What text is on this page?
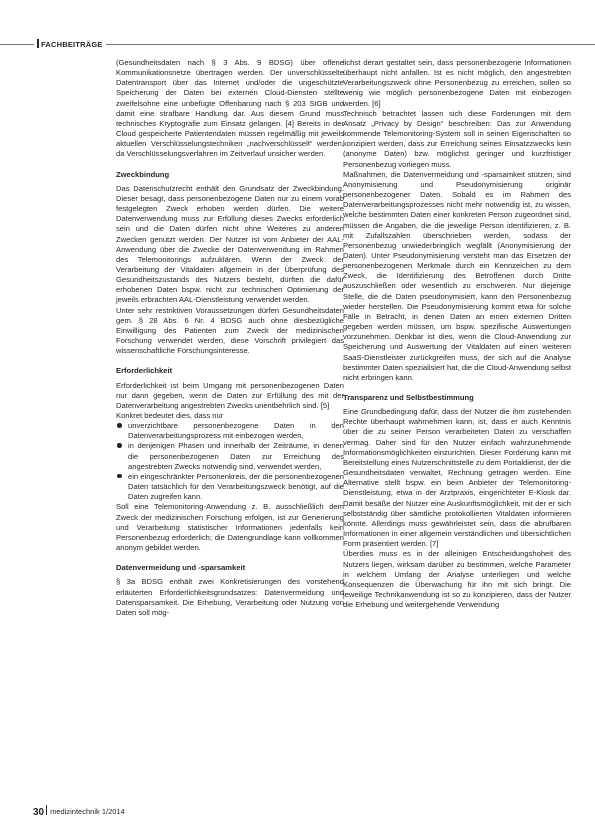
FACHBEITRÄGE

(Gesundheitsdaten nach § 3 Abs. 9 BDSG) über offene Kommunikationsnetze übertragen werden. Der unverschlüsselte Datentransport über das Internet und/oder die ungeschützte Speicherung der Daten bei externen Cloud-Diensten stellte zweifelsohne eine unbefugte Offenbarung nach § 203 StGB und damit eine strafbare Handlung dar. Aus diesem Grund muss technisches Kryptografie zum Einsatz gelangen. [4] Bereits in der Cloud gespeicherte Patientendaten müssen regelmäßig mit jeweils aktuellen Verschlüsselungstechniken „nachverschlüsselt“ werden, da Verschlüsselungsverfahren im Zeitverlauf unsicher werden.

Zweckbindung

Das Datenschutzrecht enthält den Grundsatz der Zweckbindung. Dieser besagt, dass personenbezogene Daten nur zu einem vorab festgelegten Zweck erhoben werden dürfen. Die weitere Datenverwendung muss zur Erfüllung dieses Zwecks erforderlich sein und die Daten dürfen nicht ohne Weiteres zu anderen Zwecken genutzt werden. Der Nutzer ist vom Anbieter der AAL-Anwendung über die Zwecke der Datenverwendung im Rahmen des Telemonitorings aufzuklären. Wenn der Zweck der Verarbeitung der Vitaldaten allgemein in der Überprüfung des Gesundheitszustands des Nutzers besteht, dürften die dafür erhobenen Daten bspw. nicht zur technischen Optimierung der jeweils erbrachten AAL-Dienstleistung verwendet werden.

Unter sehr restriktiven Voraussetzungen dürfen Gesundheitsdaten gem. § 28 Abs. 6 Nr. 4 BDSG auch ohne diesbezügliche Einwilligung des Patienten zum Zweck der medizinischen Forschung verwendet werden, diese Vorschrift privilegiert das wissenschaftliche Forschungsinteresse.

Erforderlichkeit

Erforderlichkeit ist beim Umgang mit personenbezogenen Daten nur dann gegeben, wenn die Daten zur Erfüllung des mit der Datenverarbeitung angestrebten Zwecks unentbehrlich sind. [5]

Konkret bedeutet dies, dass nur

unverzichtbare personenbezogene Daten in den Datenverarbeitungsprozess mit einbezogen werden,
in denjenigen Phasen und innerhalb der Zeiträume, in denen die personenbezogenen Daten zur Erreichung des angestrebten Zwecks notwendig sind, verwendet werden,
ein eingeschränkter Personenkreis, der die personenbezogenen Daten tatsächlich für den Verarbeitungszweck benötigt, auf die Daten zugreifen kann.

Soll eine Telemonitoring-Anwendung z. B. ausschließlich dem Zweck der medizinischen Forschung erfolgen, ist zur Generierung und Verarbeitung statistischer Informationen jedenfalls kein Personenbezug erforderlich; die Datengrundlage kann vollkommen anonym gebildet werden.

Datenvermeidung und -sparsamkeit

§ 3a BDSG enthält zwei Konkretisierungen des vorstehend erläuterten Erforderlichkeitsgrundsatzes: Datenvermeidung und Datensparsamkeit. Die Erhebung, Verarbeitung oder Nutzung von Daten soll mög-

lichst derart gestaltet sein, dass personenbezogene Informationen überhaupt nicht anfallen. Ist es nicht möglich, den angestrebten Verarbeitungszweck ohne Personenbezug zu erreichen, sollen so wenig wie möglich personenbezogene Daten mit einbezogen werden. [6]

Technisch betrachtet lassen sich diese Forderungen mit dem Ansatz „Privacy by Design“ beschreiben: Das zur Anwendung kommende Telemonitoring-System soll in seinen Eigenschaften so konzipiert werden, dass zur Erreichung seines Einsatzzwecks kein (anonyme Daten) bzw. möglichst geringer und kurzfristiger Personenbezug vorliegen muss.

Maßnahmen, die Datenvermeidung und -sparsamkeit stützen, sind Anonymisierung und Pseudonymisierung originär personenbezogener Daten. Sobald es im Rahmen des Datenverarbeitungsprozesses nicht mehr notwendig ist, zu wissen, welche bestimmten Daten einer konkreten Person zugeordnet sind, müssen die Angaben, die die jeweilige Person identifizieren, z. B. mit Zufallszahlen überschrieben werden, sodass der Personenbezug unwiederbringlich wegfällt (Anonymisierung der Daten). Unter Pseudonymisierung versteht man das Ersetzen der personenbezogenen Merkmale durch ein Kennzeichen zu dem Zweck, die Identifizierung des Betroffenen durch Dritte auszuschließen oder wesentlich zu erschweren. Nur diejenige Stelle, die die Daten pseudonymisiert, kann den Personenbezug wieder herstellen. Die Pseudonymisierung kommt etwa für solche Fälle in Betracht, in denen Daten an einen externen Dritten gegeben werden müssen, um bspw. spezifische Auswertungen vorzunehmen. Denkbar ist dies, wenn die Cloud-Anwendung zur Speicherung und Auswertung der Vitaldaten auf einen weiteren SaaS-Dienstleister zurückgreifen muss, der sich auf die Analyse bestimmter Daten spezialisiert hat, die die Cloud-Anwendung selbst nicht erbringen kann.

Transparenz und Selbstbestimmung

Eine Grundbedingung dafür, dass der Nutzer die ihm zustehenden Rechte überhaupt wahrnehmen kann, ist, dass er auch Kenntnis über die zu seiner Person verarbeiteten Daten zu verschaffen vermag. Daher sind für den Nutzer einfach wahrzunehmende Informationsmöglichkeiten einzurichten. Dieser Forderung kann mit Bereitstellung eines Nutzerschnittstelle zu dem Portaldienst, der die Gesundheitsdaten verwaltet, Rechnung getragen werden. Eine Alternative stellt bspw. ein beim Anbieter der Telemonitoring-Dienstleistung, etwa in der Arztpraxis, eingerichteter E-Kiosk dar. Damit besäße der Nutzer eine Auskunftsmöglichkeit, mit der er sich selbstständig über sämtliche protokollierten Vitaldaten informieren könnte. Allerdings muss gewährleistet sein, dass die abrufbaren Informationen in einer allgemein verständlichen und übersichtlichen Form präsentiert werden. [7]

Überdies muss es in der alleinigen Entscheidungshoheit des Nutzers liegen, wirksam darüber zu bestimmen, welche Parameter in welchem Umfang der Analyse unterliegen und welche Konsequenzen die Überwachung für ihn mit sich bringt. Die jeweilige Technikanwendung ist so zu konzipieren, dass der Nutzer die Erhebung und weitergehende Verwendung

30 medizintechnik 1/2014
